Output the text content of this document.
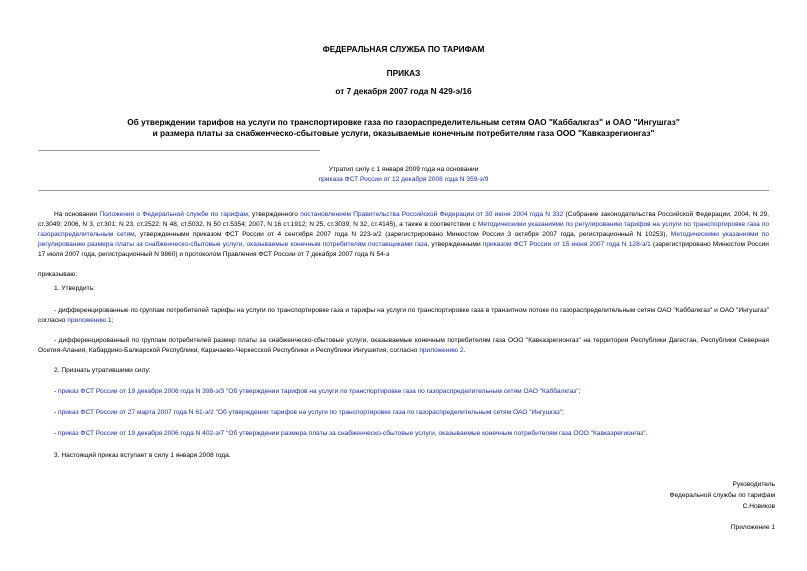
ФЕДЕРАЛЬНАЯ СЛУЖБА ПО ТАРИФАМ

ПРИКАЗ

от 7 декабря 2007 года N 429-э/16

Об утверждении тарифов на услуги по транспортировке газа по газораспределительным сетям ОАО "Каббалкгаз" и ОАО "Ингушгаз"

и размера платы за снабженческо-сбытовые услуги, оказываемые конечным потребителям газа ООО "Кавказрегионгаз"

Утратил силу с 1 января 2009 года на основании

приказа ФСТ России от 12 декабря 2008 года N 359-э/9

На основании Положения о Федеральной службе по тарифам, утвержденного постановлением Правительства Российской Федерации от 30 июня 2004 года N 332 (Собрание законодательства Российской Федерации, 2004, N 29, ст.3049; 2006, N 3, ст.301; N 23, ст.2522; N 48, ст.5032, N 50 ст.5354; 2007, N 16 ст.1912; N 25, ст.3039; N 32, ст.4145), а также в соответствии с Методическими указаниями по регулированию тарифов на услуги по транспортировке газа по газораспределительным сетям, утвержденными приказом ФСТ России от 4 сентября 2007 года N 223-э/2 (зарегистрировано Минюстом России 3 октября 2007 года, регистрационный N 10253), Методическими указаниями по регулированию размера платы за снабженческо-сбытовые услуги, оказываемые конечным потребителям поставщиками газа, утвержденными приказом ФСТ России от 15 июня 2007 года N 128-э/1 (зарегистрировано Минюстом России 17 июля 2007 года, регистрационный N 9860) и протоколом Правления ФСТ России от 7 декабря 2007 года N 54-э

приказываю:

1. Утвердить:

- дифференцированные по группам потребителей тарифы на услуги по транспортировке газа и тарифы на услуги по транспортировке газа в транзитном потоке по газораспределительным сетям ОАО "Каббалкгаз" и ОАО "Ингушгаз" согласно приложению 1;

- дифференцированный по группам потребителей размер платы за снабженческо-сбытовые услуги, оказываемые конечным потребителям газа ООО "Кавказрегионгаз" на территории Республики Дагестан, Республики Северная Осетия-Алания, Кабардино-Балкарской Республики, Карачаево-Черкесской Республики и Республики Ингушетия, согласно приложению 2.

2. Признать утратившими силу:

- приказ ФСТ России от 19 декабря 2006 года N 398-э/3 "Об утверждении тарифов на услуги по транспортировке газа по газораспределительным сетям ОАО "Каббалкгаз";

- приказ ФСТ России от 27 марта 2007 года N 61-э/2 "Об утверждении тарифов на услуги по транспортировке газа по газораспределительным сетям ОАО "Ингушгаз";

- приказ ФСТ России от 19 декабря 2006 года N 402-э/7 "Об утверждении размера платы за снабженческо-сбытовые услуги, оказываемые конечным потребителям газа ООО "Кавказрегионгаз".

3. Настоящий приказ вступает в силу 1 января 2008 года.

Руководитель

Федеральной службы по тарифам

С.Новиков

Приложение 1
